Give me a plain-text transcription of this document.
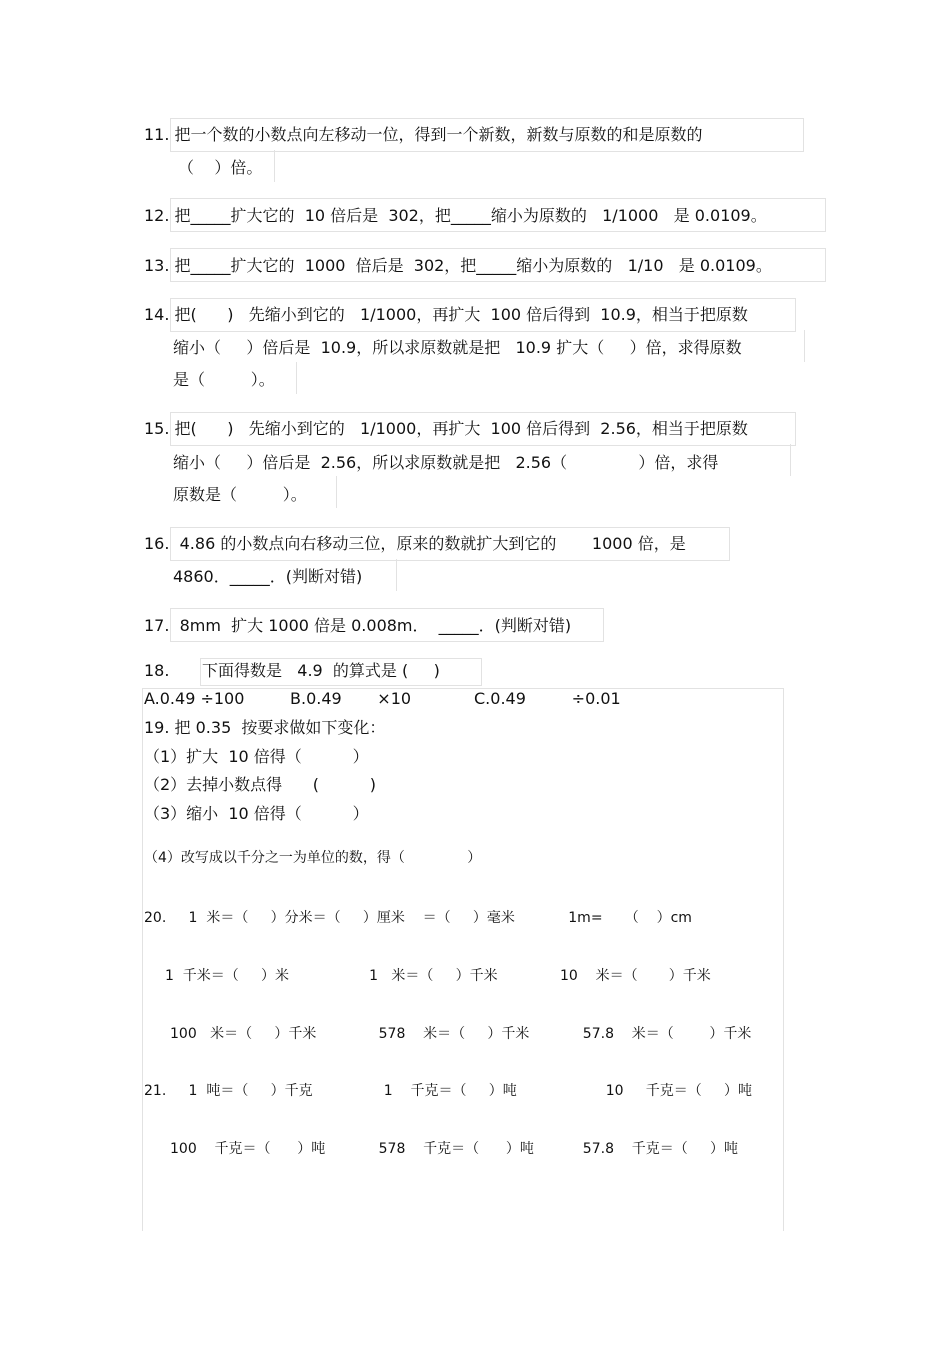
11. 把一个数的小数点向左移动一位，得到一个新数，新数与原数的和是原数的
（    ）倍。
12. 把_____扩大它的  10 倍后是  302，把_____缩小为原数的   1/1000   是 0.0109。
13. 把_____扩大它的  1000  倍后是  302，把_____缩小为原数的   1/10   是 0.0109。
14. 把(      )   先缩小到它的   1/1000，再扩大  100 倍后得到  10.9，相当于把原数
缩小（     ）倍后是  10.9，所以求原数就是把   10.9 扩大（     ）倍，求得原数
是（         ）。
15. 把(      )   先缩小到它的   1/1000，再扩大  100 倍后得到  2.56，相当于把原数
缩小（     ）倍后是  2.56，所以求原数就是把   2.56（              ）倍，求得
原数是（         ）。
16.  4.86 的小数点向右移动三位，原来的数就扩大到它的       1000 倍，是
4860．_____．(判断对错)
17.  8mm  扩大 1000 倍是 0.008m．  _____．(判断对错)
18. 下面得数是   4.9  的算式是 (     )
A.0.49 ÷100	B.0.49       ×10	C.0.49         ÷0.01
19. 把 0.35  按要求做如下变化：
（1）扩大  10 倍得（          ）
（2）去掉小数点得      (          )
（3）缩小  10 倍得（          ）
（4）改写成以千分之一为单位的数，得（              ）
20.     1  米＝（     ）分米＝（     ）厘米    ＝（     ）毫米            1m=     （    ）cm
1  千米＝（     ）米                  1   米＝（     ）千米              10    米＝（       ）千米
100   米＝（     ）千米              578    米＝（     ）千米            57.8    米＝（        ）千米
21.     1  吨＝（     ）千克                1    千克＝（     ）吨                    10     千克＝（     ）吨
100    千克＝（      ）吨            578    千克＝（      ）吨           57.8    千克＝（     ）吨
